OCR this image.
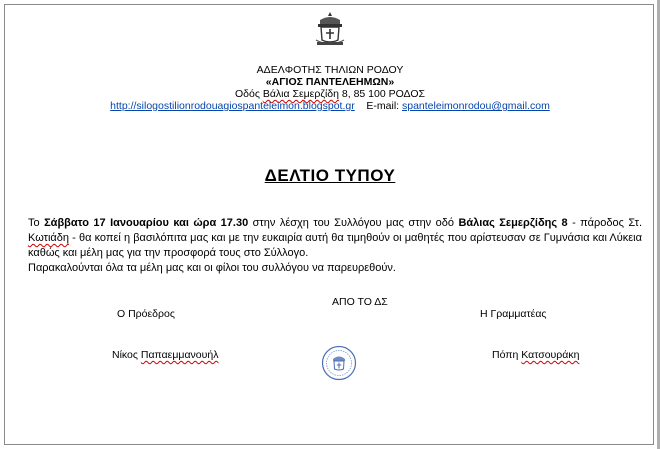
ΑΔΕΛΦΟΤΗΣ ΤΗΛΙΩΝ ΡΟΔΟΥ
«ΑΓΙΟΣ ΠΑΝΤΕΛΕΗΜΩΝ»
Οδός Βάλια Σεμερζίδη 8, 85 100 ΡΟΔΟΣ
http://silogostilionrodouagiospanteleimon.blogspot.gr E-mail: spanteleimonrodou@gmail.com
ΔΕΛΤΙΟ ΤΥΠΟΥ

Το Σάββατο 17 Ιανουαρίου και ώρα 17.30 στην λέσχη του Συλλόγου μας στην οδό Βάλιας Σεμερζίδης 8 - πάροδος Στ. Κωτιάδη - θα κοπεί η βασιλόπιτα μας και με την ευκαιρία αυτή θα τιμηθούν οι μαθητές που αρίστευσαν σε Γυμνάσια και Λύκεια καθώς και μέλη μας για την προσφορά τους στο Σύλλογο.

Παρακαλούνται όλα τα μέλη μας και οι φίλοι του συλλόγου να παρευρεθούν.

ΑΠΟ ΤΟ ΔΣ
Ο Πρόεδρος	Η Γραμματέας
Νίκος Παπαεμμανουήλ	Πόπη Κατσουράκη
